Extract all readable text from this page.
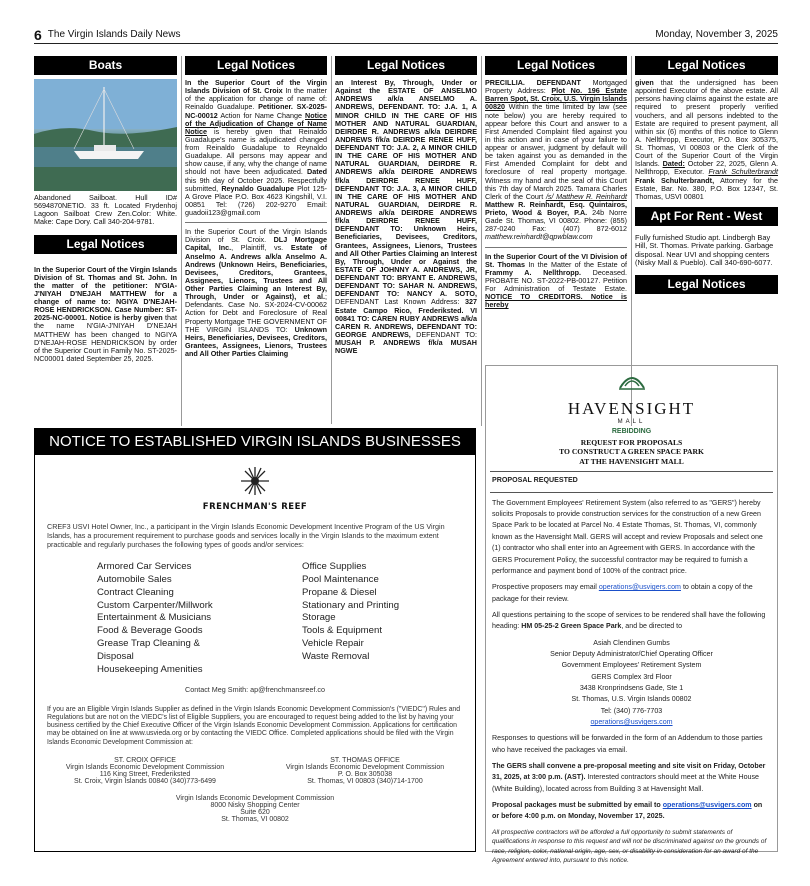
6 The Virgin Islands Daily News	Monday, November 3, 2025
Boats
Abandoned Sailboat. Hull ID# 5694870NETIO. 33 ft. Located Frydenhoj Lagoon Sailboat Crew Zen.Color: White. Make: Cape Dory. Call 340-204-9781.
Legal Notices
In the Superior Court of the Virgin Islands Division of St. Thomas and St. John. In the matter of the petitioner: N'GIA-J'NIYAH D'NEJAH MATTHEW for a change of name to: NGIYA D'NEJAH-ROSE HENDRICKSON. Case Number: ST-2025-NC-00001. Notice is herby given that the name N'GIA-J'NIYAH D'NEJAH MATTHEW has been changed to NGIYA D'NEJAH-ROSE HENDRICKSON by order of the Superior Court in Family No. ST-2025-NC00001 dated September 25, 2025.
Legal Notices
In the Superior Court of the Virgin Islands Division of St. Croix In the matter of the application for change of name of: Reinaldo Guadalupe. Petitioner. SX-2025-NC-00012 Action for Name Change Notice of the Adjudication of Change of Name Notice is hereby given that Reinaldo Guadalupe's name is adjudicated changed from Reinaldo Guadalupe to Reynaldo Guadalupe. All persons may appear and show cause, if any, why the change of name should not have been adjudicated. Dated this 9th day of October 2025. Respectfully submitted, Reynaldo Guadalupe Plot 125-A Grove Place P.O. Box 4623 Kingshill, V.I. 00851 Tel: (726) 202-9270 Email: guadoii123@gmail.com
In the Superior Court of the Virgin Islands Division of St. Croix. DLJ Mortgage Capital, Inc., Plaintiff, vs. Estate of Anselmo A. Andrews a/k/a Anselmo A. Andrews (Unknown Heirs, Beneficiaries, Devisees, Creditors, Grantees, Assignees, Lienors, Trustees and All Other Parties Claiming an Interest By, Through, Under or Against), et al.; Defendants. Case No. SX-2024-CV-00062 Action for Debt and Foreclosure of Real Property Mortgage THE GOVERNMENT OF THE VIRGIN ISLANDS TO: Unknown Heirs, Beneficiaries, Devisees, Creditors, Grantees, Assignees, Lienors, Trustees and All Other Parties Claiming
Legal Notices
an Interest By, Through, Under or Against the ESTATE OF ANSELMO ANDREWS a/k/a ANSELMO A. ANDREWS, DEFENDANT. TO: J.A. 1, A MINOR CHILD IN THE CARE OF HIS MOTHER AND NATURAL GUARDIAN, DEIRDRE R. ANDREWS a/k/a DEIRDRE ANDREWS f/k/a DEIRDRE RENEE HUFF, DEFENDANT TO: J.A. 2, A MINOR CHILD IN THE CARE OF HIS MOTHER AND NATURAL GUARDIAN, DEIRDRE R. ANDREWS a/k/a DEIRDRE ANDREWS f/k/a DEIRDRE RENEE HUFF, DEFENDANT TO: J.A. 3, A MINOR CHILD IN THE CARE OF HIS MOTHER AND NATURAL GUARDIAN, DEIRDRE R. ANDREWS a/k/a DEIRDRE ANDREWS f/k/a DEIRDRE RENEE HUFF, DEFENDANT TO: Unknown Heirs, Beneficiaries, Devisees, Creditors, Grantees, Assignees, Lienors, Trustees and All Other Parties Claiming an Interest By, Through, Under or Against the ESTATE OF JOHNNY A. ANDREWS, JR, DEFENDANT TO: BRYANT E. ANDREWS, DEFENDANT TO: SAHAR N. ANDREWS, DEFENDANT TO: NANCY A. SOTO, DEFENDANT Last Known Address: 327 Estate Campo Rico, Frederiksted. VI 00841 TO: CAREN RUBY ANDREWS a/k/a CAREN R. ANDREWS, DEFENDANT TO: GEORGE ANDREWS, DEFENDANT TO: MUSAH P. ANDREWS f/k/a MUSAH NGWE
Legal Notices
PRECILLIA. DEFENDANT Mortgaged Property Address: Plot No. 196 Estate Barren Spot, St. Croix, U.S. Virgin Islands 00820 Within the time limited by law (see note below) you are hereby required to appear before this Court and answer to a First Amended Complaint filed against you in this action and in case of your failure to appear or answer, judgment by default will be taken against you as demanded in the First Amended Complaint for debt and foreclosure of real property mortgage. Witness my hand and the seal of this Court this 7th day of March 2025. Tamara Charles Clerk of the Court /s/ Matthew R. Reinhardt Matthew R. Reinhardt, Esq. Quintairos, Prieto, Wood & Boyer, P.A. 24b Norre Gade St. Thomas, VI 00802. Phone: (855) 287-0240 Fax: (407) 872-6012 matthew.reinhardt@qpwblaw.com
In the Superior Court of the VI Division of St. Thomas In the Matter of the Estate of Frammy A. Nellthropp. Deceased. PROBATE NO. ST-2022-PB-00127. Petition For Administration of Testate Estate. NOTICE TO CREDITORS. Notice is hereby
Legal Notices
given that the undersigned has been appointed Executor of the above estate. All persons having claims against the estate are required to present properly verified vouchers, and all persons indebted to the Estate are required to present payment, all within six (6) months of this notice to Glenn A. Nellthropp, Executor, P.O. Box 305375, St. Thomas, VI 00803 or the Clerk of the Court of the Superior Court of the Virgin Islands. Dated: October 22, 2025, Glenn A. Nellthropp, Executor. Frank Schulterbrandt Frank Schulterbrandt, Attorney for the Estate, Bar. No. 380, P.O. Box 12347, St. Thomas, USVI 00801
Apt For Rent - West
Fully furnished Studio apt. Lindbergh Bay Hill, St. Thomas. Private parking. Garbage disposal. Near UVI and shopping centers (Nisky Mall & Pueblo). Call 340-690-6077.
Legal Notices
NOTICE TO ESTABLISHED VIRGIN ISLANDS BUSINESSES
FRENCHMAN'S REEF

CREF3 USVI Hotel Owner, Inc., a participant in the Virgin Islands Economic Development Incentive Program of the US Virgin Islands, has a procurement requirement to purchase goods and services locally in the Virgin Islands to the maximum extent practicable and regularly purchases the following types of goods and/or services:

Armored Car Services
Automobile Sales
Contract Cleaning
Custom Carpenter/Millwork
Entertainment & Musicians
Food & Beverage Goods
Grease Trap Cleaning &
Disposal
Housekeeping Amenities
Office Supplies
Pool Maintenance
Propane & Diesel
Stationary and Printing
Storage
Tools & Equipment
Vehicle Repair
Waste Removal
Contact Meg Smith: ap@frenchmansreef.co

If you are an Eligible Virgin Islands Supplier as defined in the Virgin Islands Economic Development Commission's ("VIEDC") Rules and Regulations but are not on the VIEDC's list of Eligible Suppliers, you are encouraged to request being added to the list by having your business certified by the Chief Executive Officer of the Virgin Islands Economic Development Commission. Applications for certification may be obtained on line at www.usvieda.org or by contacting the VIEDC Office. Completed applications should be filed with the Virgin Islands Economic Development Commission at:

ST. CROIX OFFICE
Virgin Islands Economic Development Commission
116 King Street, Frederiksted
St. Croix, Virgin Islands 00840 (340)773-6499
ST. THOMAS OFFICE
Virgin Islands Economic Development Commission
P. O. Box 305038
St. Thomas, VI 00803 (340)714-1700
Virgin Islands Economic Development Commission
8000 Nisky Shopping Center
Suite 620
St. Thomas, VI 00802
HAVENSIGHT
MALL
REBIDDING
REQUEST FOR PROPOSALS
TO CONSTRUCT A GREEN SPACE PARK
AT THE HAVENSIGHT MALL

PROPOSAL REQUESTED

The Government Employees' Retirement System (also referred to as "GERS") hereby solicits Proposals to provide construction services for the construction of a new Green Space Park to be located at Parcel No. 4 Estate Thomas, St. Thomas, VI, commonly known as the Havensight Mall. GERS will accept and review Proposals and select one (1) contractor who shall enter into an Agreement with GERS. In accordance with the GERS Procurement Policy, the successful contractor may be required to furnish a performance and payment bond of 100% of the contract price.

Prospective proposers may email operations@usvigers.com to obtain a copy of the package for their review.

All questions pertaining to the scope of services to be rendered shall have the following heading: HM 05-25-2 Green Space Park, and be directed to

Asiah Clendinen Gumbs
Senior Deputy Administrator/Chief Operating Officer
Government Employees' Retirement System
GERS Complex 3rd Floor
3438 Kronprindsens Gade, Ste 1
St. Thomas, U.S. Virgin Islands 00802
Tel: (340) 776-7703
operations@usvigers.com

Responses to questions will be forwarded in the form of an Addendum to those parties who have received the packages via email.

The GERS shall convene a pre-proposal meeting and site visit on Friday, October 31, 2025, at 3:00 p.m. (AST). Interested contractors should meet at the White House (White Building), located across from Building 3 at Havensight Mall.

Proposal packages must be submitted by email to operations@usvigers.com on or before 4:00 p.m. on Monday, November 17, 2025.

All prospective contractors will be afforded a full opportunity to submit statements of qualifications in response to this request and will not be discriminated against on the grounds of race, religion, color, national origin, age, sex, or disability in consideration for an award of the Agreement entered into, pursuant to this notice.
